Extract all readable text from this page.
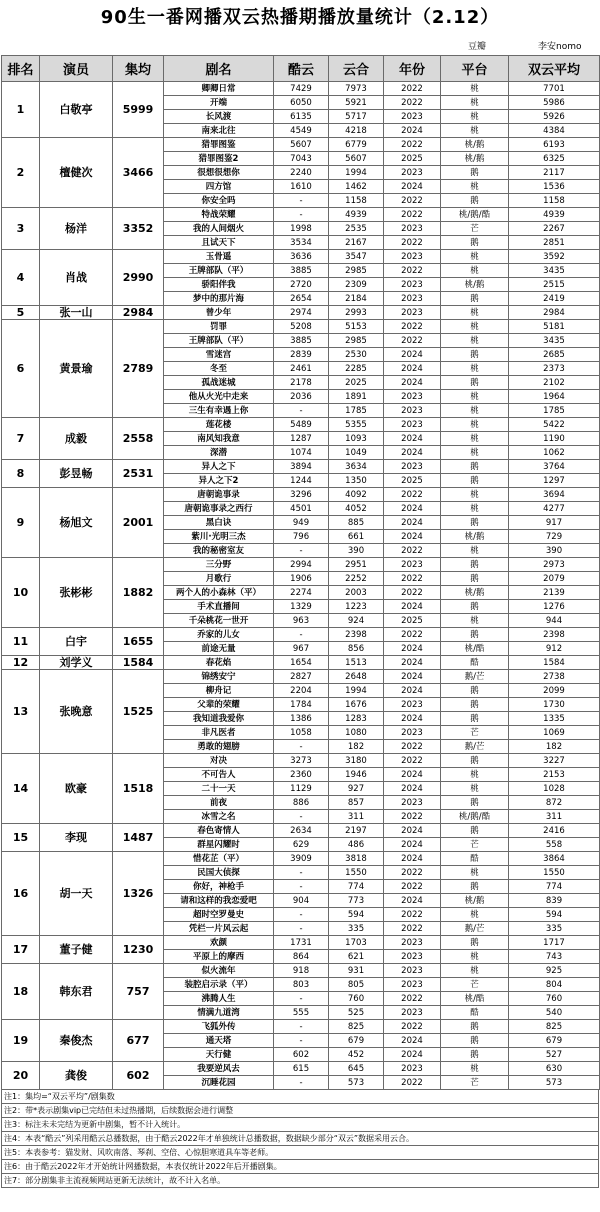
90生一番网播双云热播期播放量统计（2.12）
豆瓣	李安nomo
排名	演员	集均	剧名	酷云	云合	年份	平台	双云平均
1	白敬亭	5999	卿卿日常	7429	7973	2022	桃	7701
			开端	6050	5921	2022	桃	5986
			长风渡	6135	5717	2023	桃	5926
			南来北往	4549	4218	2024	桃	4384
2	檀健次	3466	猎罪图鉴	5607	6779	2022	桃/鹅	6193
			猎罪图鉴2	7043	5607	2025	桃/鹅	6325
			很想很想你	2240	1994	2023	鹅	2117
			四方馆	1610	1462	2024	桃	1536
			你安全吗	-	1158	2022	鹅	1158
3	杨洋	3352	特战荣耀	-	4939	2022	桃/鹅/酷	4939
			我的人间烟火	1998	2535	2023	芒	2267
			且试天下	3534	2167	2022	鹅	2851
4	肖战	2990	玉骨遥	3636	3547	2023	桃	3592
			王牌部队（平）	3885	2985	2022	桃	3435
			骄阳伴我	2720	2309	2023	桃/鹅	2515
			梦中的那片海	2654	2184	2023	鹅	2419
5	张一山	2984	曾少年	2974	2993	2023	桃	2984
6	黄景瑜	2789	罚罪	5208	5153	2022	桃	5181
			王牌部队（平）	3885	2985	2022	桃	3435
			雪迷宫	2839	2530	2024	鹅	2685
			冬至	2461	2285	2024	桃	2373
			孤战迷城	2178	2025	2024	鹅	2102
			他从火光中走来	2036	1891	2023	桃	1964
			三生有幸遇上你	-	1785	2023	桃	1785
7	成毅	2558	莲花楼	5489	5355	2023	桃	5422
			南风知我意	1287	1093	2024	桃	1190
			深潜	1074	1049	2024	桃	1062
8	彭昱畅	2531	异人之下	3894	3634	2023	鹅	3764
			异人之下2	1244	1350	2025	鹅	1297
9	杨旭文	2001	唐朝诡事录	3296	4092	2022	桃	3694
			唐朝诡事录之西行	4501	4052	2024	桃	4277
			黑白诀	949	885	2024	鹅	917
			紫川·光明三杰	796	661	2024	桃/鹅	729
			我的秘密室友	-	390	2022	桃	390
10	张彬彬	1882	三分野	2994	2951	2023	鹅	2973
			月歌行	1906	2252	2022	鹅	2079
			两个人的小森林（平）	2274	2003	2022	桃/鹅	2139
			手术直播间	1329	1223	2024	鹅	1276
			千朵桃花一世开	963	924	2025	桃	944
11	白宇	1655	乔家的儿女	-	2398	2022	鹅	2398
			前途无量	967	856	2024	桃/酷	912
12	刘学义	1584	春花焰	1654	1513	2024	酷	1584
13	张晚意	1525	锦绣安宁	2827	2648	2024	鹅/芒	2738
			柳舟记	2204	1994	2024	鹅	2099
			父辈的荣耀	1784	1676	2023	鹅	1730
			我知道我爱你	1386	1283	2024	鹅	1335
			非凡医者	1058	1080	2023	芒	1069
			勇敢的翅膀	-	182	2022	鹅/芒	182
14	欧豪	1518	对决	3273	3180	2022	鹅	3227
			不可告人	2360	1946	2024	桃	2153
			二十一天	1129	927	2024	桃	1028
			前夜	886	857	2023	鹅	872
			冰雪之名	-	311	2022	桃/鹅/酷	311
15	李现	1487	春色寄情人	2634	2197	2024	鹅	2416
			群星闪耀时	629	486	2024	芒	558
16	胡一天	1326	惜花芷（平）	3909	3818	2024	酷	3864
			民国大侦探	-	1550	2022	桃	1550
			你好，神枪手	-	774	2022	鹅	774
			请和这样的我恋爱吧	904	773	2024	桃/鹅	839
			超时空罗曼史	-	594	2022	桃	594
			凭栏一片风云起	-	335	2022	鹅/芒	335
17	董子健	1230	欢颜	1731	1703	2023	鹅	1717
			平原上的摩西	864	621	2023	桃	743
18	韩东君	757	似火流年	918	931	2023	桃	925
			装腔启示录（平）	803	805	2023	芒	804
			沸腾人生	-	760	2022	桃/酷	760
			情满九道湾	555	525	2023	酷	540
19	秦俊杰	677	飞狐外传	-	825	2022	鹅	825
			通天塔	-	679	2024	鹅	679
			天行健	602	452	2024	鹅	527
20	龚俊	602	我要逆风去	615	645	2023	桃	630
			沉睡花园	-	573	2022	芒	573
注1：集均=“双云平均”/剧集数
注2：带*表示剧集vip已完结但未过热播期，后续数据会进行调整
注3：标注未未完结为更新中剧集，暂不计入统计。
注4：本表“酷云”列采用酷云总播数据，由于酷云2022年才单独统计总播数据，数据缺少部分“双云”数据采用云合。
注5：本表参考：猫发财、风吹南落、琴刹、空倍、心惊胆寒道具车等老师。
注6：由于酷云2022年才开始统计网播数据，本表仅统计2022年后开播剧集。
注7：部分剧集非主流视频网站更新无法统计，故不计入名单。
